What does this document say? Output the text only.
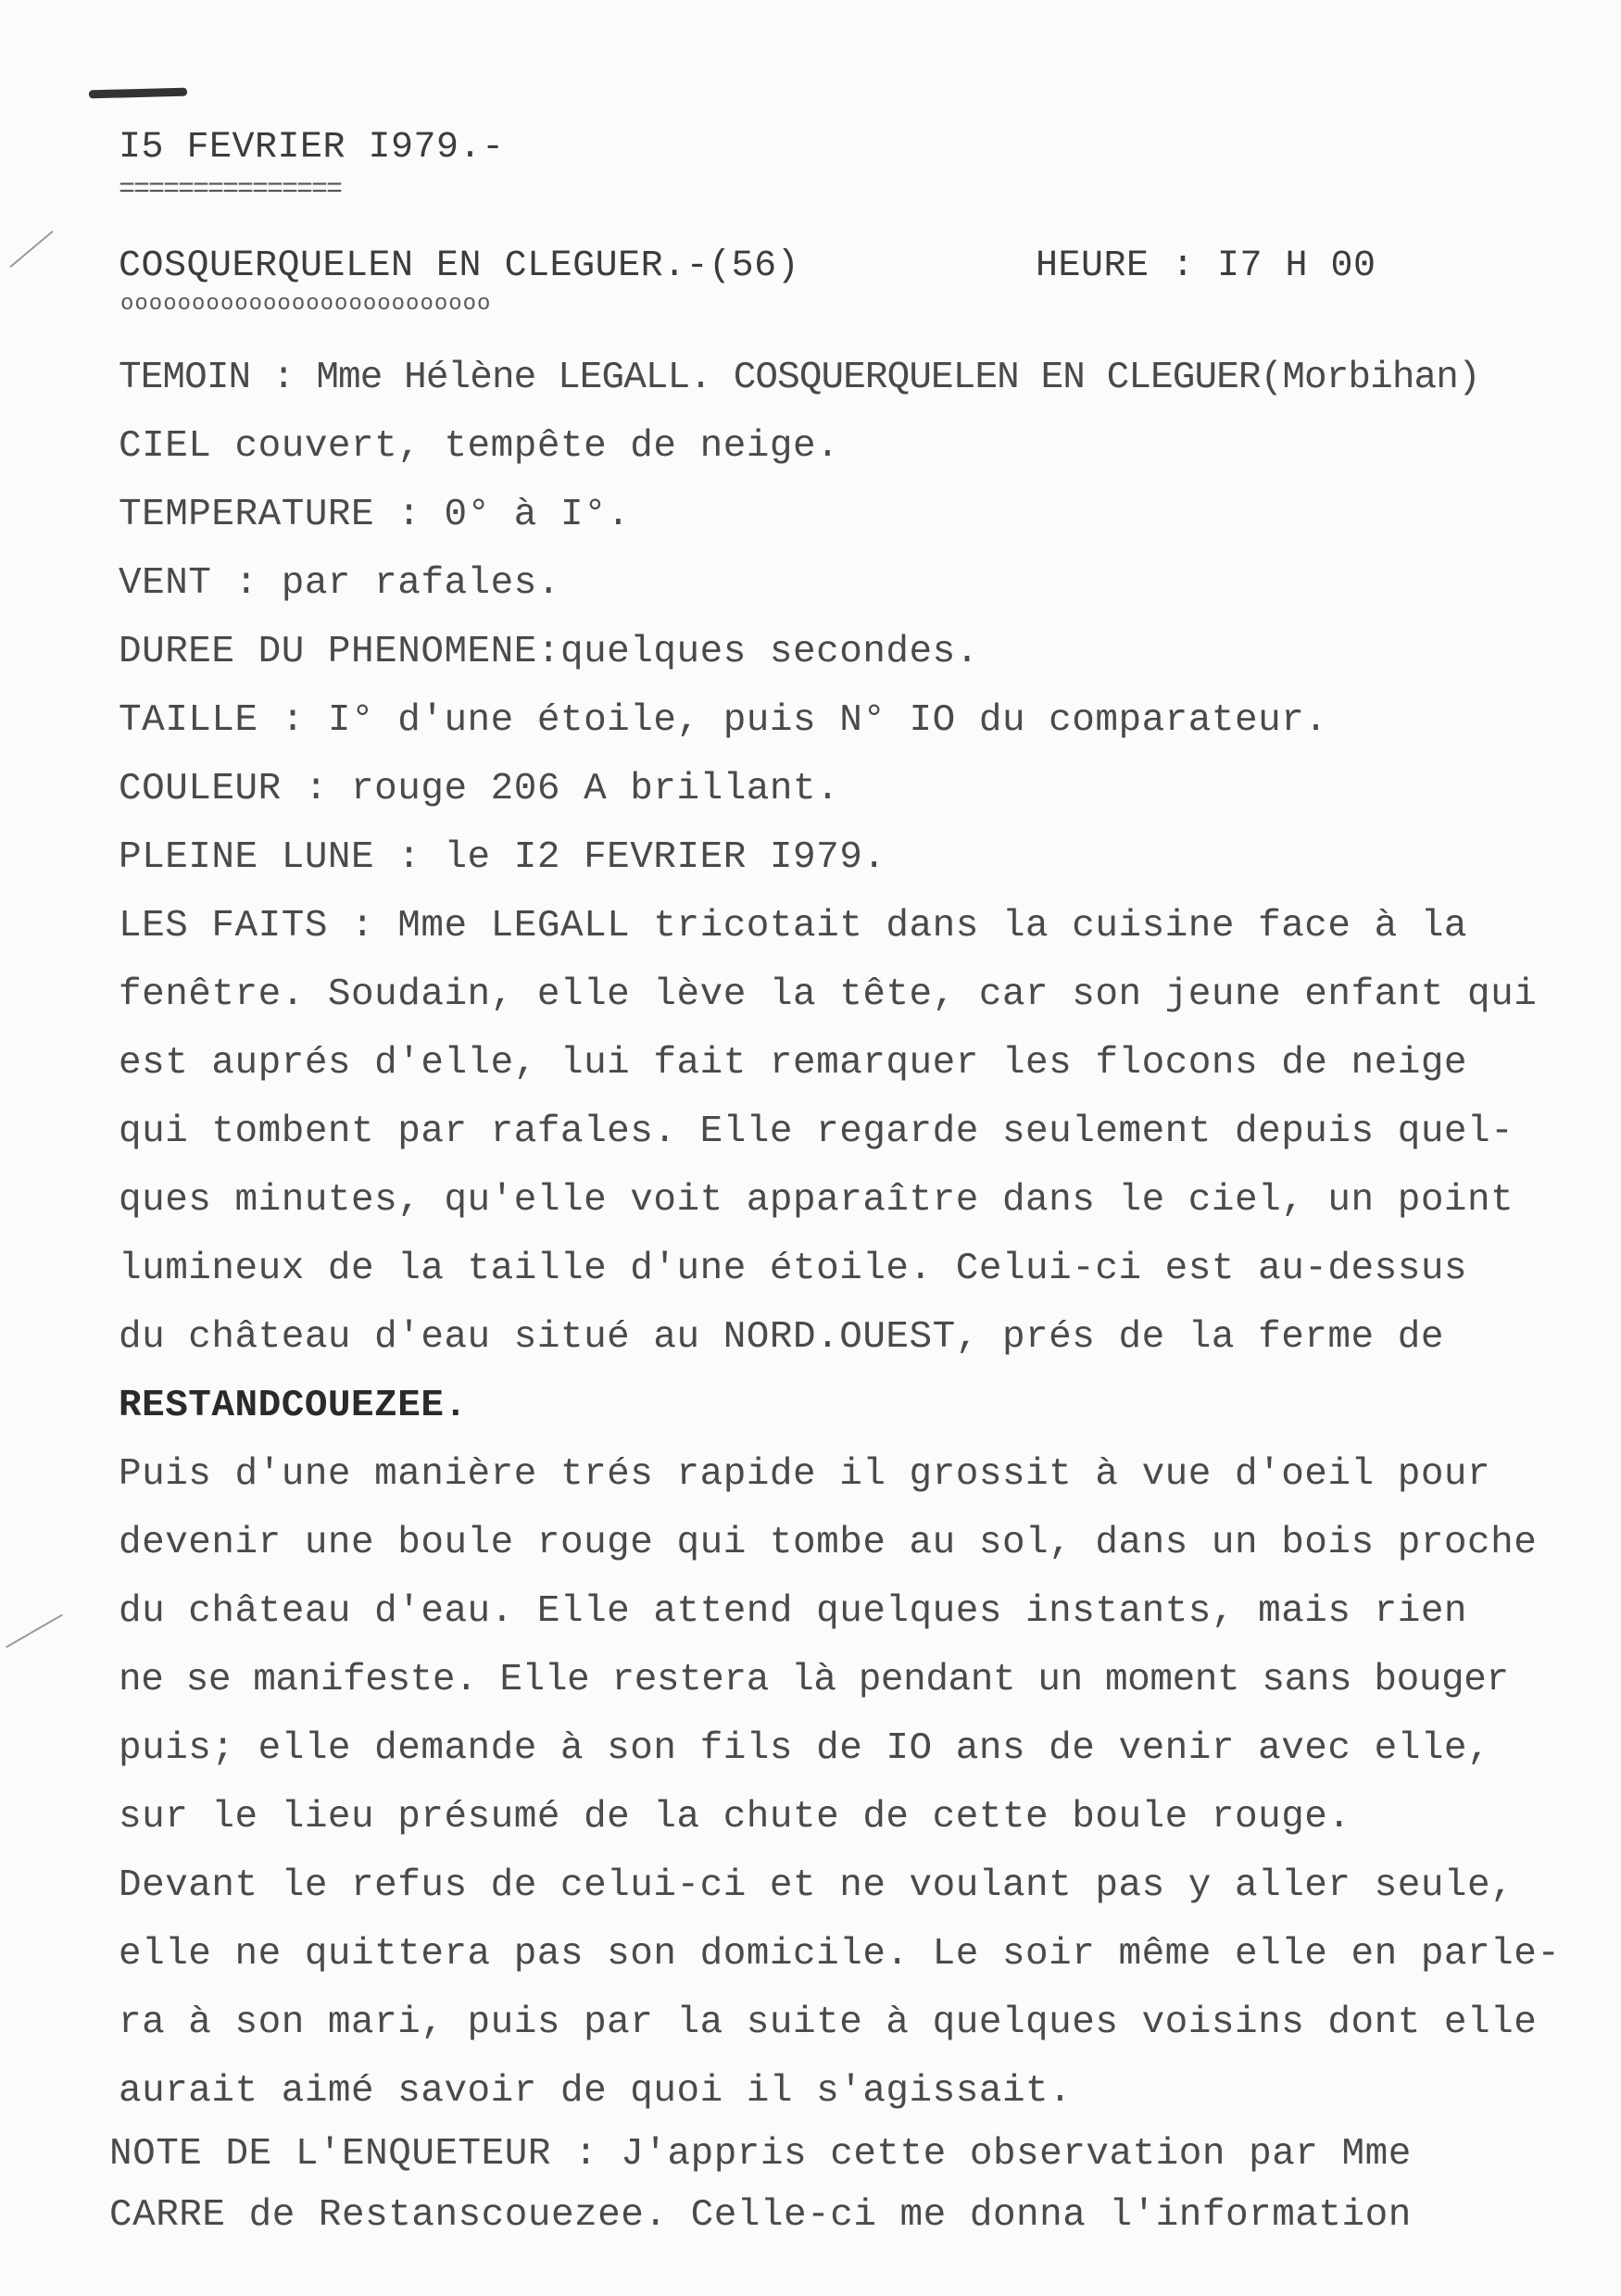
I5 FEVRIER I979.-
===============
COSQUERQUELEN EN CLEGUER.-(56)	HEURE : I7 H 00
oooooooooooooooooooooooooo
TEMOIN : Mme Hélène LEGALL. COSQUERQUELEN EN CLEGUER(Morbihan)
CIEL couvert, tempête de neige.
TEMPERATURE : 0° à I°.
VENT : par rafales.
DUREE DU PHENOMENE:quelques secondes.
TAILLE : I° d'une étoile, puis N° IO du comparateur.
COULEUR : rouge 206 A brillant.
PLEINE LUNE : le I2 FEVRIER I979.
LES FAITS : Mme LEGALL tricotait dans la cuisine face à la
fenêtre. Soudain, elle lève la tête, car son jeune enfant qui
est auprés d'elle, lui fait remarquer les flocons de neige
qui tombent par rafales. Elle regarde seulement depuis quel-
ques minutes, qu'elle voit apparaître dans le ciel, un point
lumineux de la taille d'une étoile. Celui-ci est au-dessus
du château d'eau situé au NORD.OUEST, prés de la ferme de
RESTANDCOUEZEE.
Puis d'une manière trés rapide il grossit à vue d'oeil pour
devenir une boule rouge qui tombe au sol, dans un bois proche
du château d'eau. Elle attend quelques instants, mais rien
ne se manifeste. Elle restera là pendant un moment sans bouger
puis; elle demande à son fils de IO ans de venir avec elle,
sur le lieu présumé de la chute de cette boule rouge.
Devant le refus de celui-ci et ne voulant pas y aller seule,
elle ne quittera pas son domicile. Le soir même elle en parle-
ra à son mari, puis par la suite à quelques voisins dont elle
aurait aimé savoir de quoi il s'agissait.
NOTE DE L'ENQUETEUR : J'appris cette observation par Mme
CARRE de Restanscouezee. Celle-ci me donna l'information
